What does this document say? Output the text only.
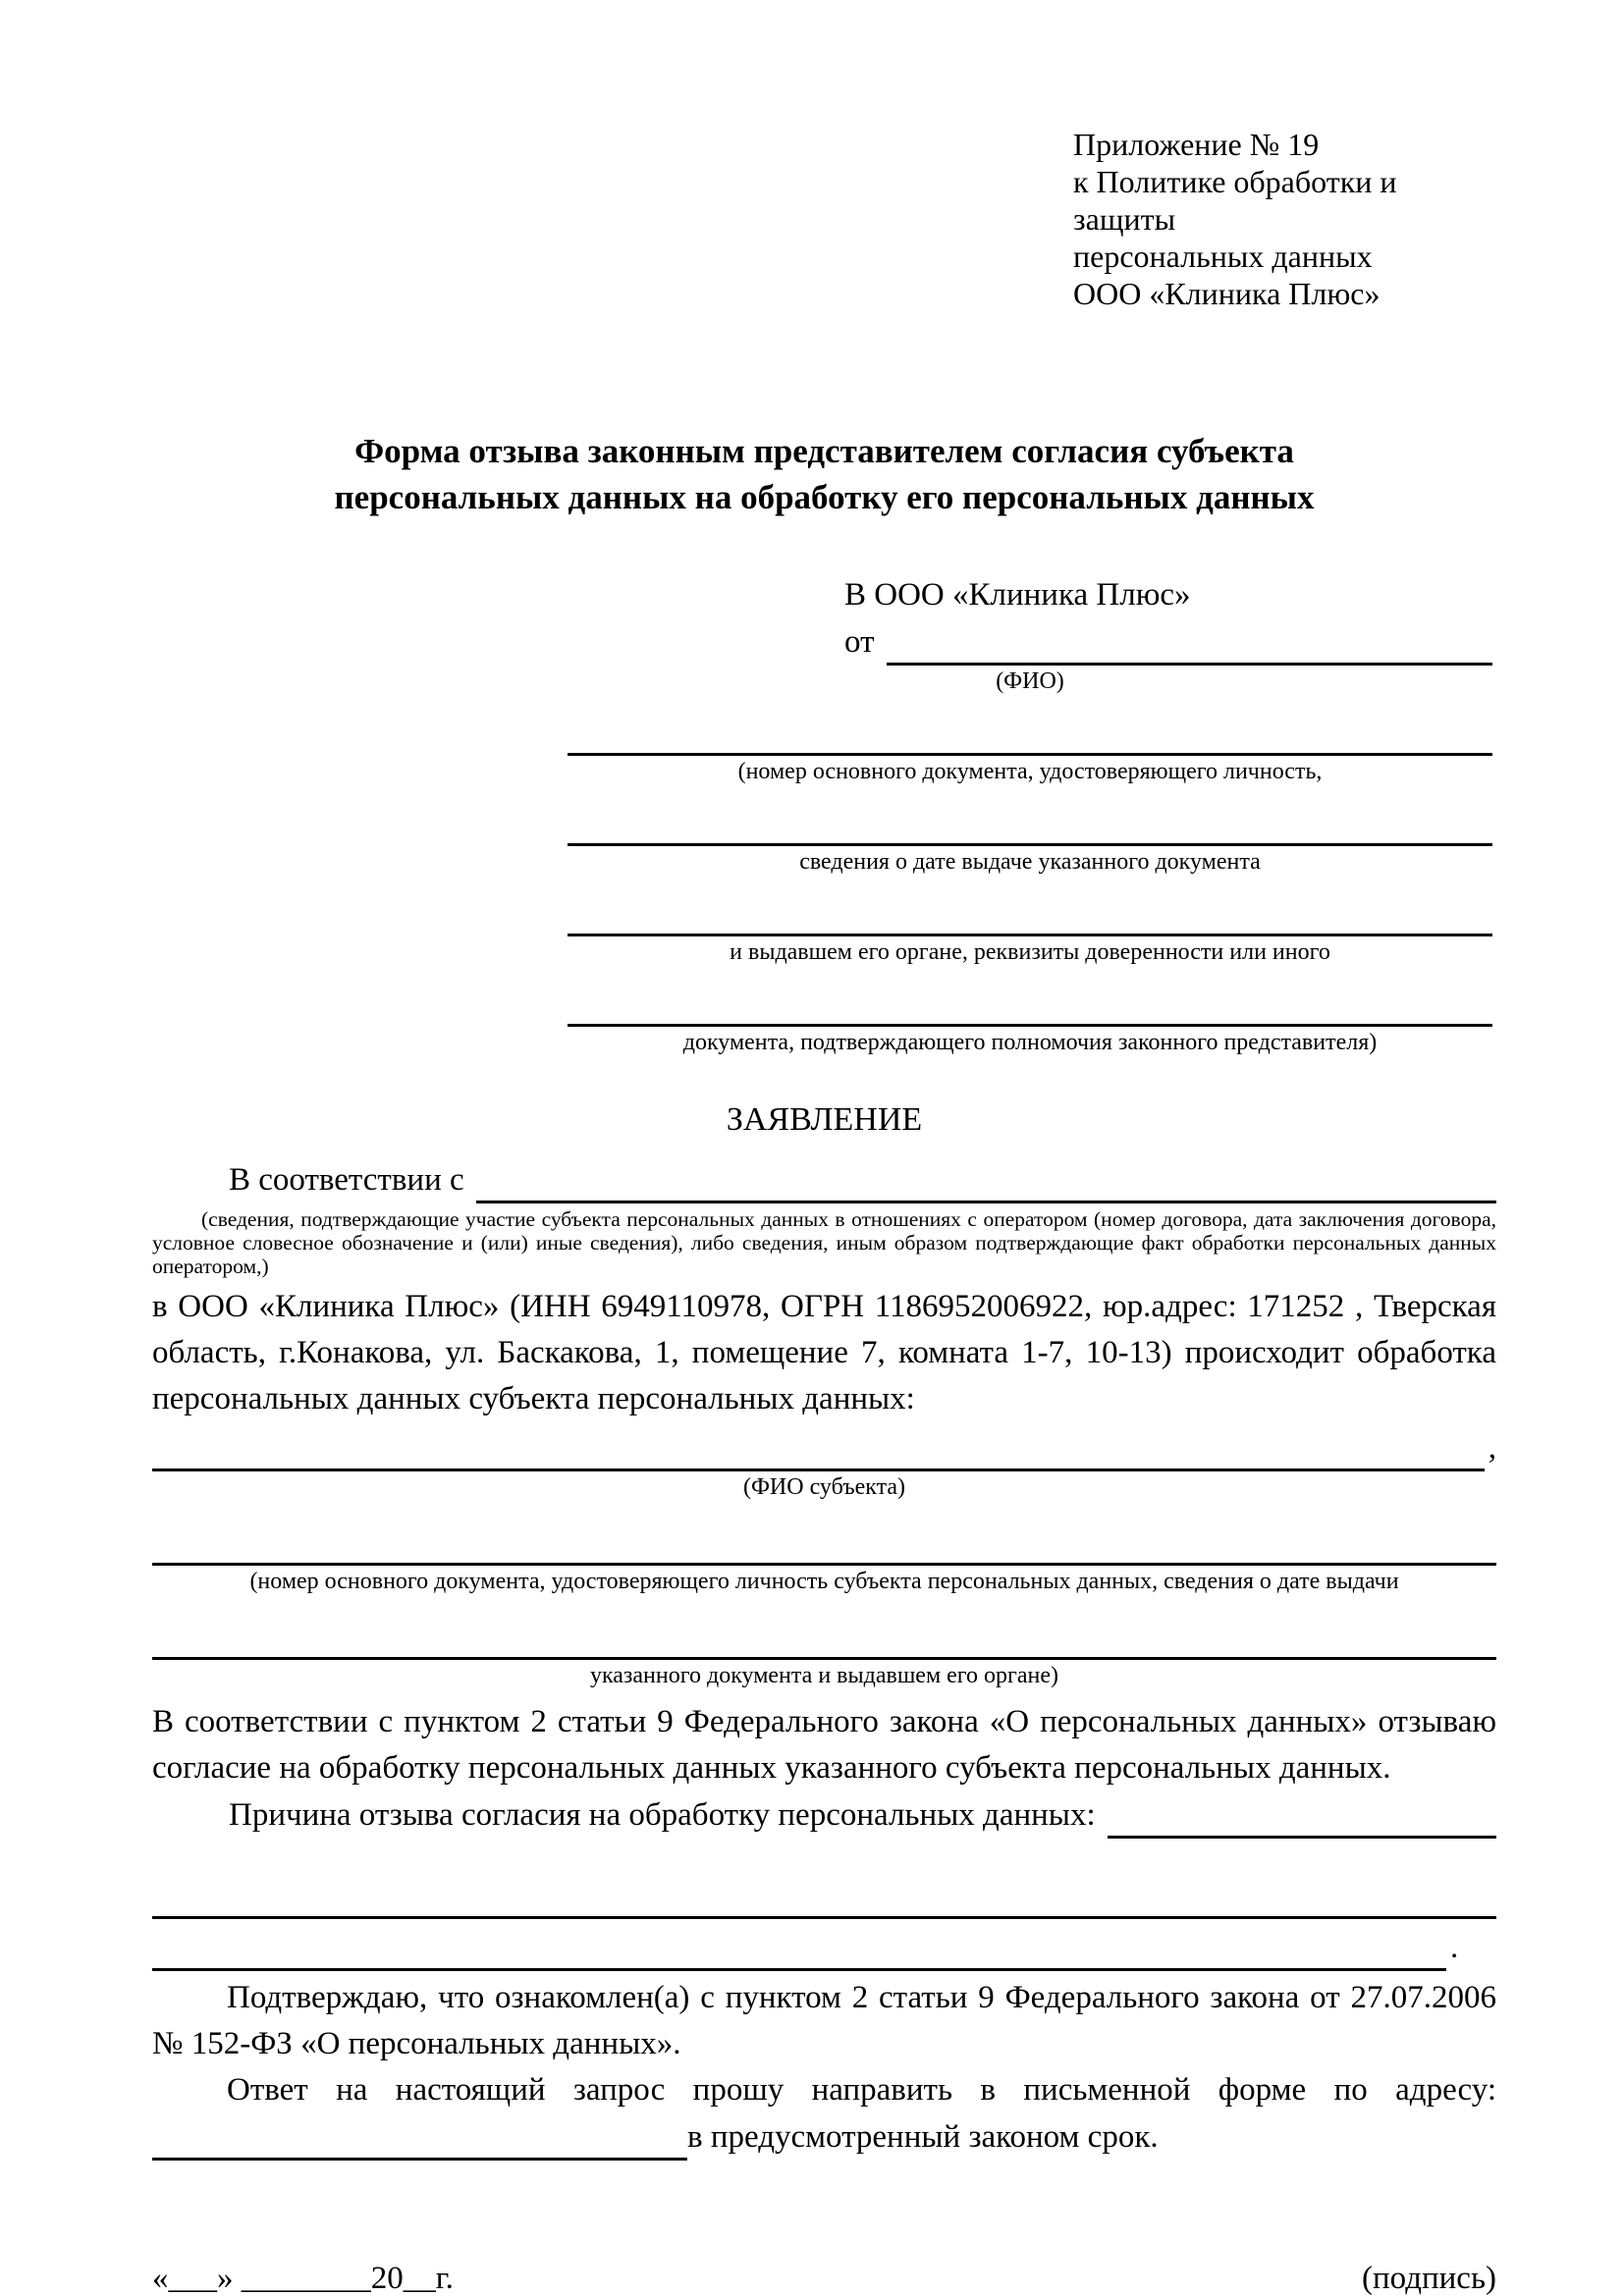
Приложение № 19
к Политике обработки и защиты
персональных данных
ООО «Клиника Плюс»
Форма отзыва законным представителем согласия субъекта персональных данных на обработку его персональных данных
В ООО «Клиника Плюс»
от
(ФИО)
(номер основного документа, удостоверяющего личность,
сведения о дате выдаче указанного документа
и выдавшем его органе, реквизиты доверенности или иного
документа, подтверждающего полномочия законного представителя)
ЗАЯВЛЕНИЕ
В соответствии с
(сведения, подтверждающие участие субъекта персональных данных в отношениях с оператором (номер договора, дата заключения договора, условное словесное обозначение и (или) иные сведения), либо сведения, иным образом подтверждающие факт обработки персональных данных оператором,)
в ООО «Клиника Плюс» (ИНН 6949110978, ОГРН 1186952006922, юр.адрес: 171252 , Тверская область, г.Конакова, ул. Баскакова, 1, помещение 7, комната 1-7, 10-13) происходит обработка персональных данных субъекта персональных данных:
,
(ФИО субъекта)
(номер основного документа, удостоверяющего личность субъекта персональных данных, сведения о дате выдачи
указанного документа и выдавшем его органе)
В соответствии с пунктом 2 статьи 9 Федерального закона «О персональных данных» отзываю согласие на обработку персональных данных указанного субъекта персональных данных.
Причина отзыва согласия на обработку персональных данных:
.
Подтверждаю, что ознакомлен(а) с пунктом 2 статьи 9 Федерального закона от 27.07.2006 № 152-ФЗ «О персональных данных».
Ответ на настоящий запрос прошу направить в письменной форме по адресу:
в предусмотренный законом срок.
«___» ________20__г.	(подпись)
